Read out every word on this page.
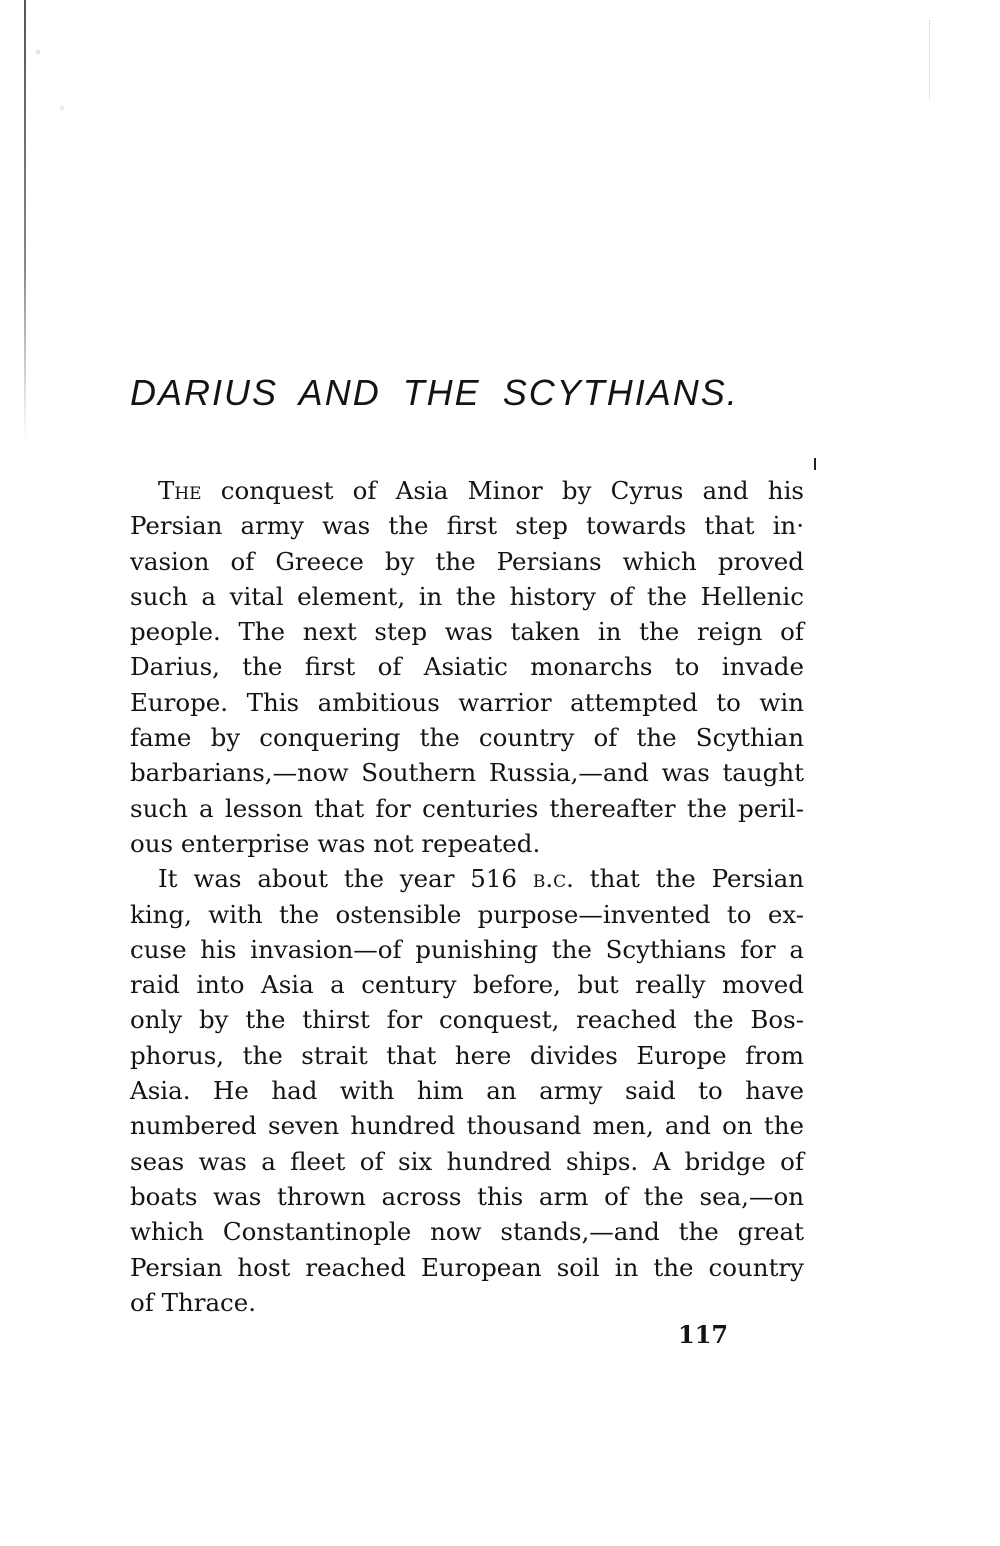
DARIUS AND THE SCYTHIANS.

The conquest of Asia Minor by Cyrus and his
Persian army was the first step towards that in·
vasion of Greece by the Persians which proved
such a vital element, in the history of the Hellenic
people. The next step was taken in the reign of
Darius, the first of Asiatic monarchs to invade
Europe. This ambitious warrior attempted to win
fame by conquering the country of the Scythian
barbarians,—now Southern Russia,—and was taught
such a lesson that for centuries thereafter the peril-
ous enterprise was not repeated.

It was about the year 516 b.c. that the Persian
king, with the ostensible purpose—invented to ex-
cuse his invasion—of punishing the Scythians for a
raid into Asia a century before, but really moved
only by the thirst for conquest, reached the Bos-
phorus, the strait that here divides Europe from
Asia. He had with him an army said to have
numbered seven hundred thousand men, and on the
seas was a fleet of six hundred ships. A bridge of
boats was thrown across this arm of the sea,—on
which Constantinople now stands,—and the great
Persian host reached European soil in the country
of Thrace.

117
